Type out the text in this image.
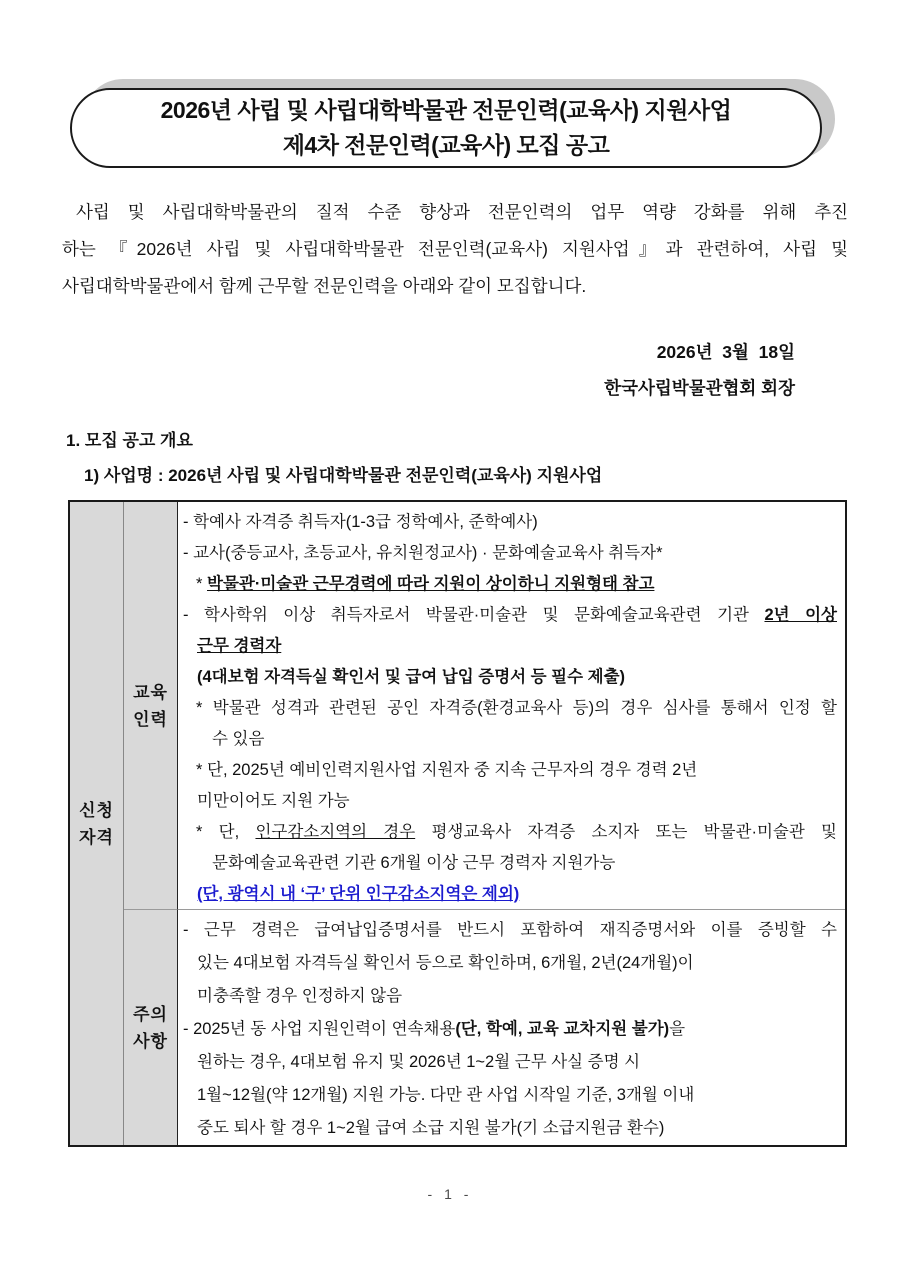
2026년 사립 및 사립대학박물관 전문인력(교육사) 지원사업
제4차 전문인력(교육사) 모집 공고
사립 및 사립대학박물관의 질적 수준 향상과 전문인력의 업무 역량 강화를 위해 추진
하는 『2026년 사립 및 사립대학박물관 전문인력(교육사) 지원사업』과 관련하여, 사립 및
사립대학박물관에서 함께 근무할 전문인력을 아래와 같이 모집합니다.
2026년  3월  18일
한국사립박물관협회 회장
1. 모집 공고 개요
1) 사업명 : 2026년 사립 및 사립대학박물관 전문인력(교육사) 지원사업
신청
자격
교육
인력
- 학예사 자격증 취득자(1-3급 정학예사, 준학예사)
- 교사(중등교사, 초등교사, 유치원정교사) · 문화예술교육사 취득자*
* 박물관·미술관 근무경력에 따라 지원이 상이하니 지원형태 참고
- 학사학위 이상 취득자로서 박물관·미술관 및 문화예술교육관련 기관 2년 이상
근무 경력자
(4대보험 자격득실 확인서 및 급여 납입 증명서 등 필수 제출)
* 박물관 성격과 관련된 공인 자격증(환경교육사 등)의 경우 심사를 통해서 인정 할
수 있음
* 단, 2025년 예비인력지원사업 지원자 중 지속 근무자의 경우 경력 2년
미만이어도 지원 가능
* 단, 인구감소지역의 경우 평생교육사 자격증 소지자 또는 박물관·미술관 및
문화예술교육관련 기관 6개월 이상 근무 경력자 지원가능
(단, 광역시 내 ‘구’ 단위 인구감소지역은 제외)
주의
사항
- 근무 경력은 급여납입증명서를 반드시 포함하여 재직증명서와 이를 증빙할 수
있는 4대보험 자격득실 확인서 등으로 확인하며, 6개월, 2년(24개월)이
미충족할 경우 인정하지 않음
- 2025년 동 사업 지원인력이 연속채용(단, 학예, 교육 교차지원 불가)을
원하는 경우, 4대보험 유지 및 2026년 1~2월 근무 사실 증명 시
1월~12월(약 12개월) 지원 가능. 다만 관 사업 시작일 기준, 3개월 이내
중도 퇴사 할 경우 1~2월 급여 소급 지원 불가(기 소급지원금 환수)
- 1 -
